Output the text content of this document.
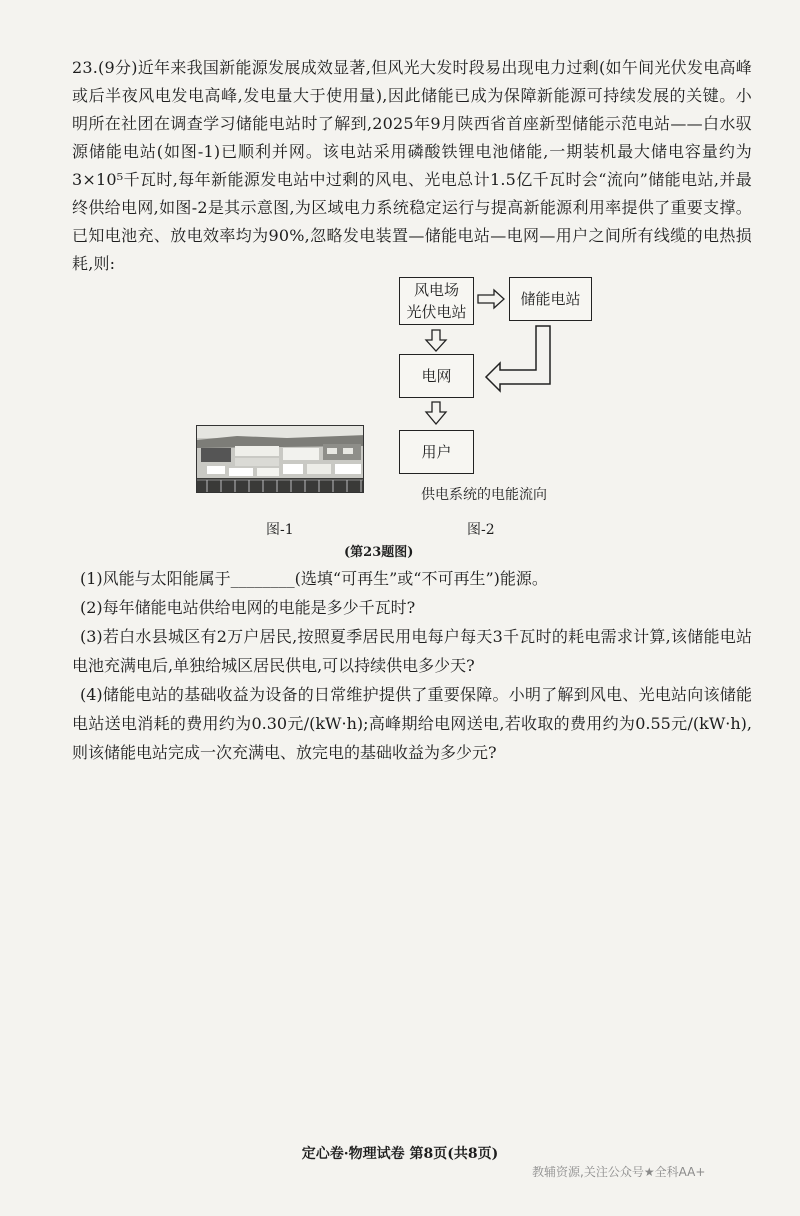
23.(9分)近年来我国新能源发展成效显著,但风光大发时段易出现电力过剩(如午间光伏发电高峰或后半夜风电发电高峰,发电量大于使用量),因此储能已成为保障新能源可持续发展的关键。小明所在社团在调查学习储能电站时了解到,2025年9月陕西省首座新型储能示范电站——白水驭源储能电站(如图-1)已顺利并网。该电站采用磷酸铁锂电池储能,一期装机最大储电容量约为3×10⁵千瓦时,每年新能源发电站中过剩的风电、光电总计1.5亿千瓦时会“流向”储能电站,并最终供给电网,如图-2是其示意图,为区域电力系统稳定运行与提高新能源利用率提供了重要支撑。已知电池充、放电效率均为90%,忽略发电装置—储能电站—电网—用户之间所有线缆的电热损耗,则:

风电场
光伏电站
储能电站
电网
用户
供电系统的电能流向
图-1	图-2
(第23题图)

(1)风能与太阳能属于________(选填“可再生”或“不可再生”)能源。

(2)每年储能电站供给电网的电能是多少千瓦时?

(3)若白水县城区有2万户居民,按照夏季居民用电每户每天3千瓦时的耗电需求计算,该储能电站电池充满电后,单独给城区居民供电,可以持续供电多少天?

(4)储能电站的基础收益为设备的日常维护提供了重要保障。小明了解到风电、光电站向该储能电站送电消耗的费用约为0.30元/(kW·h);高峰期给电网送电,若收取的费用约为0.55元/(kW·h),则该储能电站完成一次充满电、放完电的基础收益为多少元?

定心卷·物理试卷 第8页(共8页)
教辅资源,关注公众号★全科AA+
